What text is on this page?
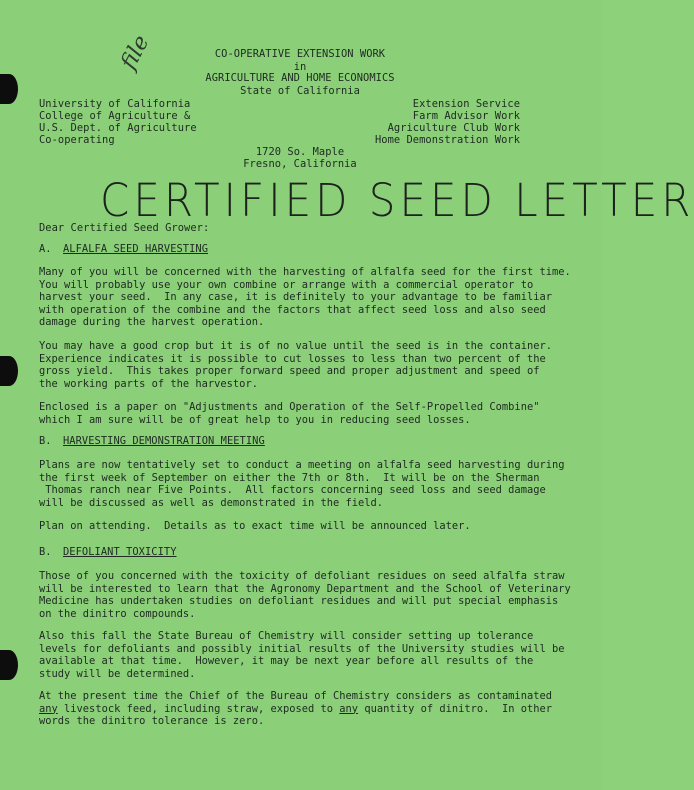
file	CO-OPERATIVE EXTENSION WORK
in
AGRICULTURE AND HOME ECONOMICS
State of California
University of California
College of Agriculture &
U.S. Dept. of Agriculture
Co-operating
Extension Service
Farm Advisor Work
Agriculture Club Work
Home Demonstration Work
1720 So. Maple
Fresno, California
CERTIFIED SEED LETTER
Dear Certified Seed Grower:
A. ALFALFA SEED HARVESTING
Many of you will be concerned with the harvesting of alfalfa seed for the first time.
You will probably use your own combine or arrange with a commercial operator to
harvest your seed.  In any case, it is definitely to your advantage to be familiar
with operation of the combine and the factors that affect seed loss and also seed
damage during the harvest operation.
You may have a good crop but it is of no value until the seed is in the container.
Experience indicates it is possible to cut losses to less than two percent of the
gross yield.  This takes proper forward speed and proper adjustment and speed of
the working parts of the harvestor.
Enclosed is a paper on "Adjustments and Operation of the Self-Propelled Combine"
which I am sure will be of great help to you in reducing seed losses.
B. HARVESTING DEMONSTRATION MEETING
Plans are now tentatively set to conduct a meeting on alfalfa seed harvesting during
the first week of September on either the 7th or 8th.  It will be on the Sherman
Thomas ranch near Five Points.  All factors concerning seed loss and seed damage
will be discussed as well as demonstrated in the field.
Plan on attending.  Details as to exact time will be announced later.
B. DEFOLIANT TOXICITY
Those of you concerned with the toxicity of defoliant residues on seed alfalfa straw
will be interested to learn that the Agronomy Department and the School of Veterinary
Medicine has undertaken studies on defoliant residues and will put special emphasis
on the dinitro compounds.
Also this fall the State Bureau of Chemistry will consider setting up tolerance
levels for defoliants and possibly initial results of the University studies will be
available at that time.  However, it may be next year before all results of the
study will be determined.
At the present time the Chief of the Bureau of Chemistry considers as contaminated
any livestock feed, including straw, exposed to any quantity of dinitro.  In other
words the dinitro tolerance is zero.
